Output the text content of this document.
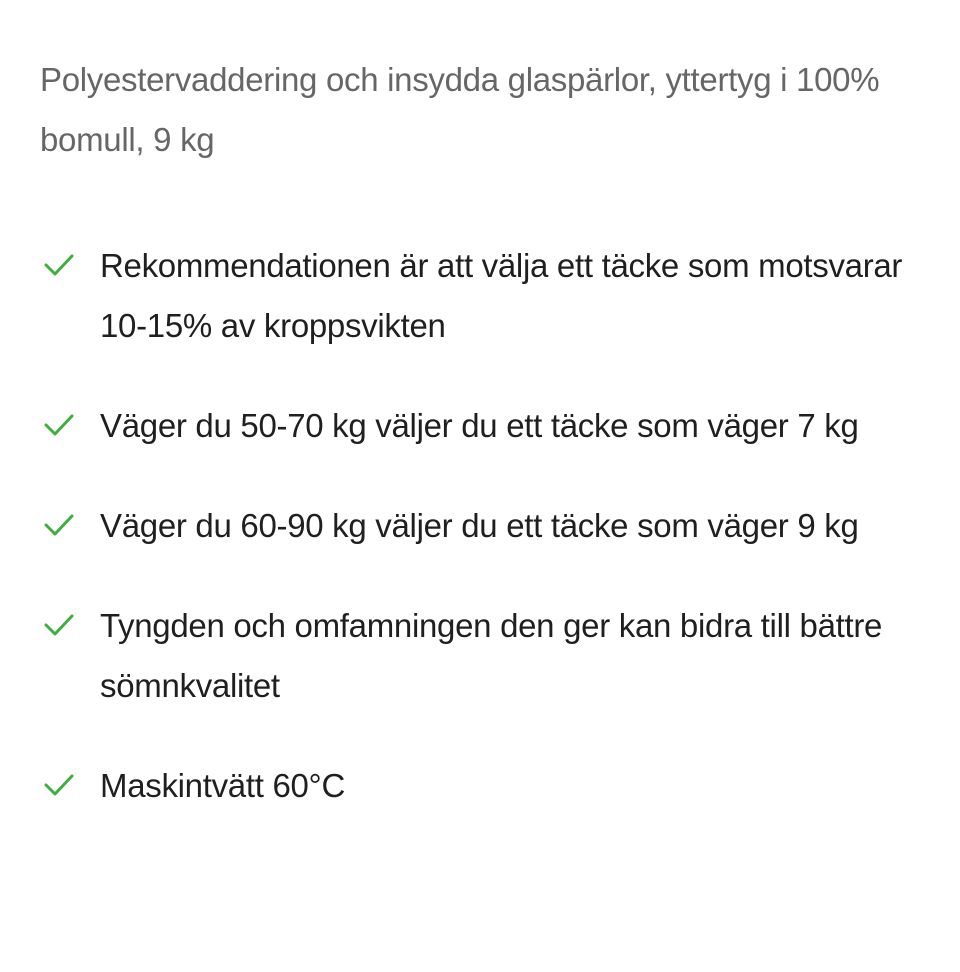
Polyestervaddering och insydda glaspärlor, yttertyg i 100% bomull, 9 kg

Rekommendationen är att välja ett täcke som motsvarar 10-15% av kroppsvikten
Väger du 50-70 kg väljer du ett täcke som väger 7 kg
Väger du 60-90 kg väljer du ett täcke som väger 9 kg
Tyngden och omfamningen den ger kan bidra till bättre sömnkvalitet
Maskintvätt 60°C
